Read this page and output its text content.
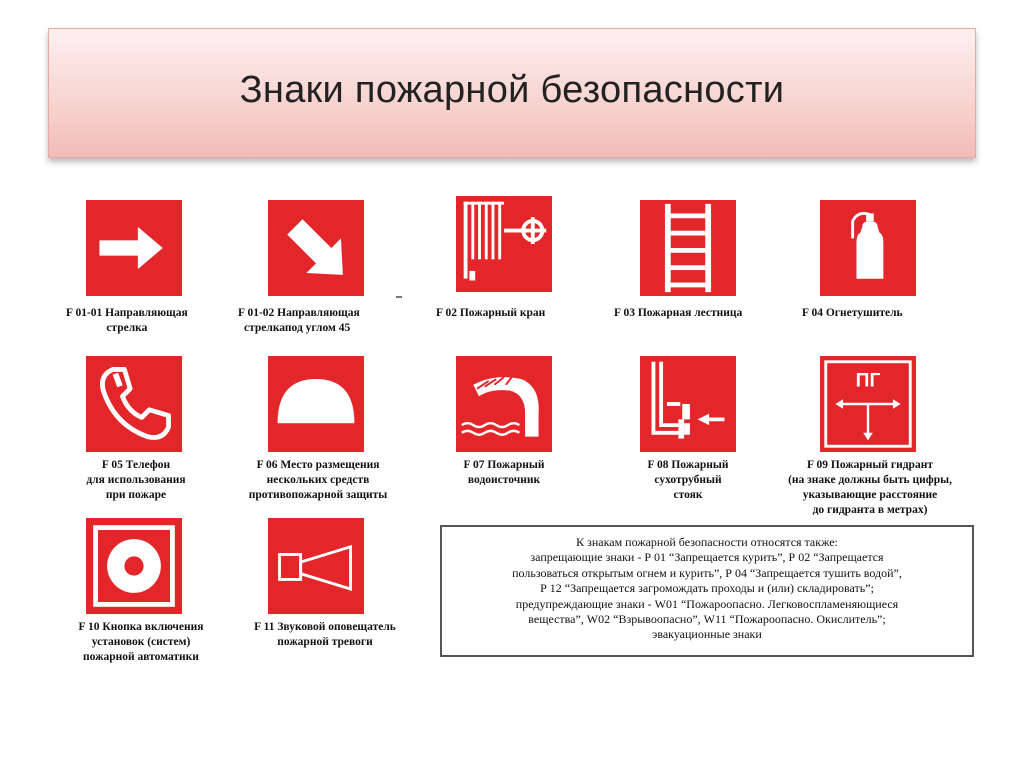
Знаки пожарной безопасности
F 01-01 Направляющая
стрелка
F 01-02 Направляющая
стрелкапод углом 45
F 02 Пожарный кран	F 03 Пожарная лестница	F 04 Огнетушитель
F 05 Телефон
для использования
при пожаре
F 06 Место размещения
нескольких средств
противопожарной защиты
F 07 Пожарный
водоисточник
F 08 Пожарный
сухотрубный
стояк
ПГ
F 09 Пожарный гидрант
(на знаке должны быть цифры,
указывающие расстояние
до гидранта в метрах)
F 10 Кнопка включения
установок (систем)
пожарной автоматики
F 11 Звуковой оповещатель
пожарной тревоги
К знакам пожарной безопасности относятся также:
запрещающие знаки - Р 01 “Запрещается курить”, Р 02 “Запрещается
пользоваться открытым огнем и курить”, Р 04 “Запрещается тушить водой”,
Р 12 “Запрещается загромождать проходы и (или) складировать”;
предупреждающие знаки - W01 “Пожароопасно. Легковоспламеняющиеся
вещества”, W02 “Взрывоопасно”, W11 “Пожароопасно. Окислитель”;
эвакуационные знаки
